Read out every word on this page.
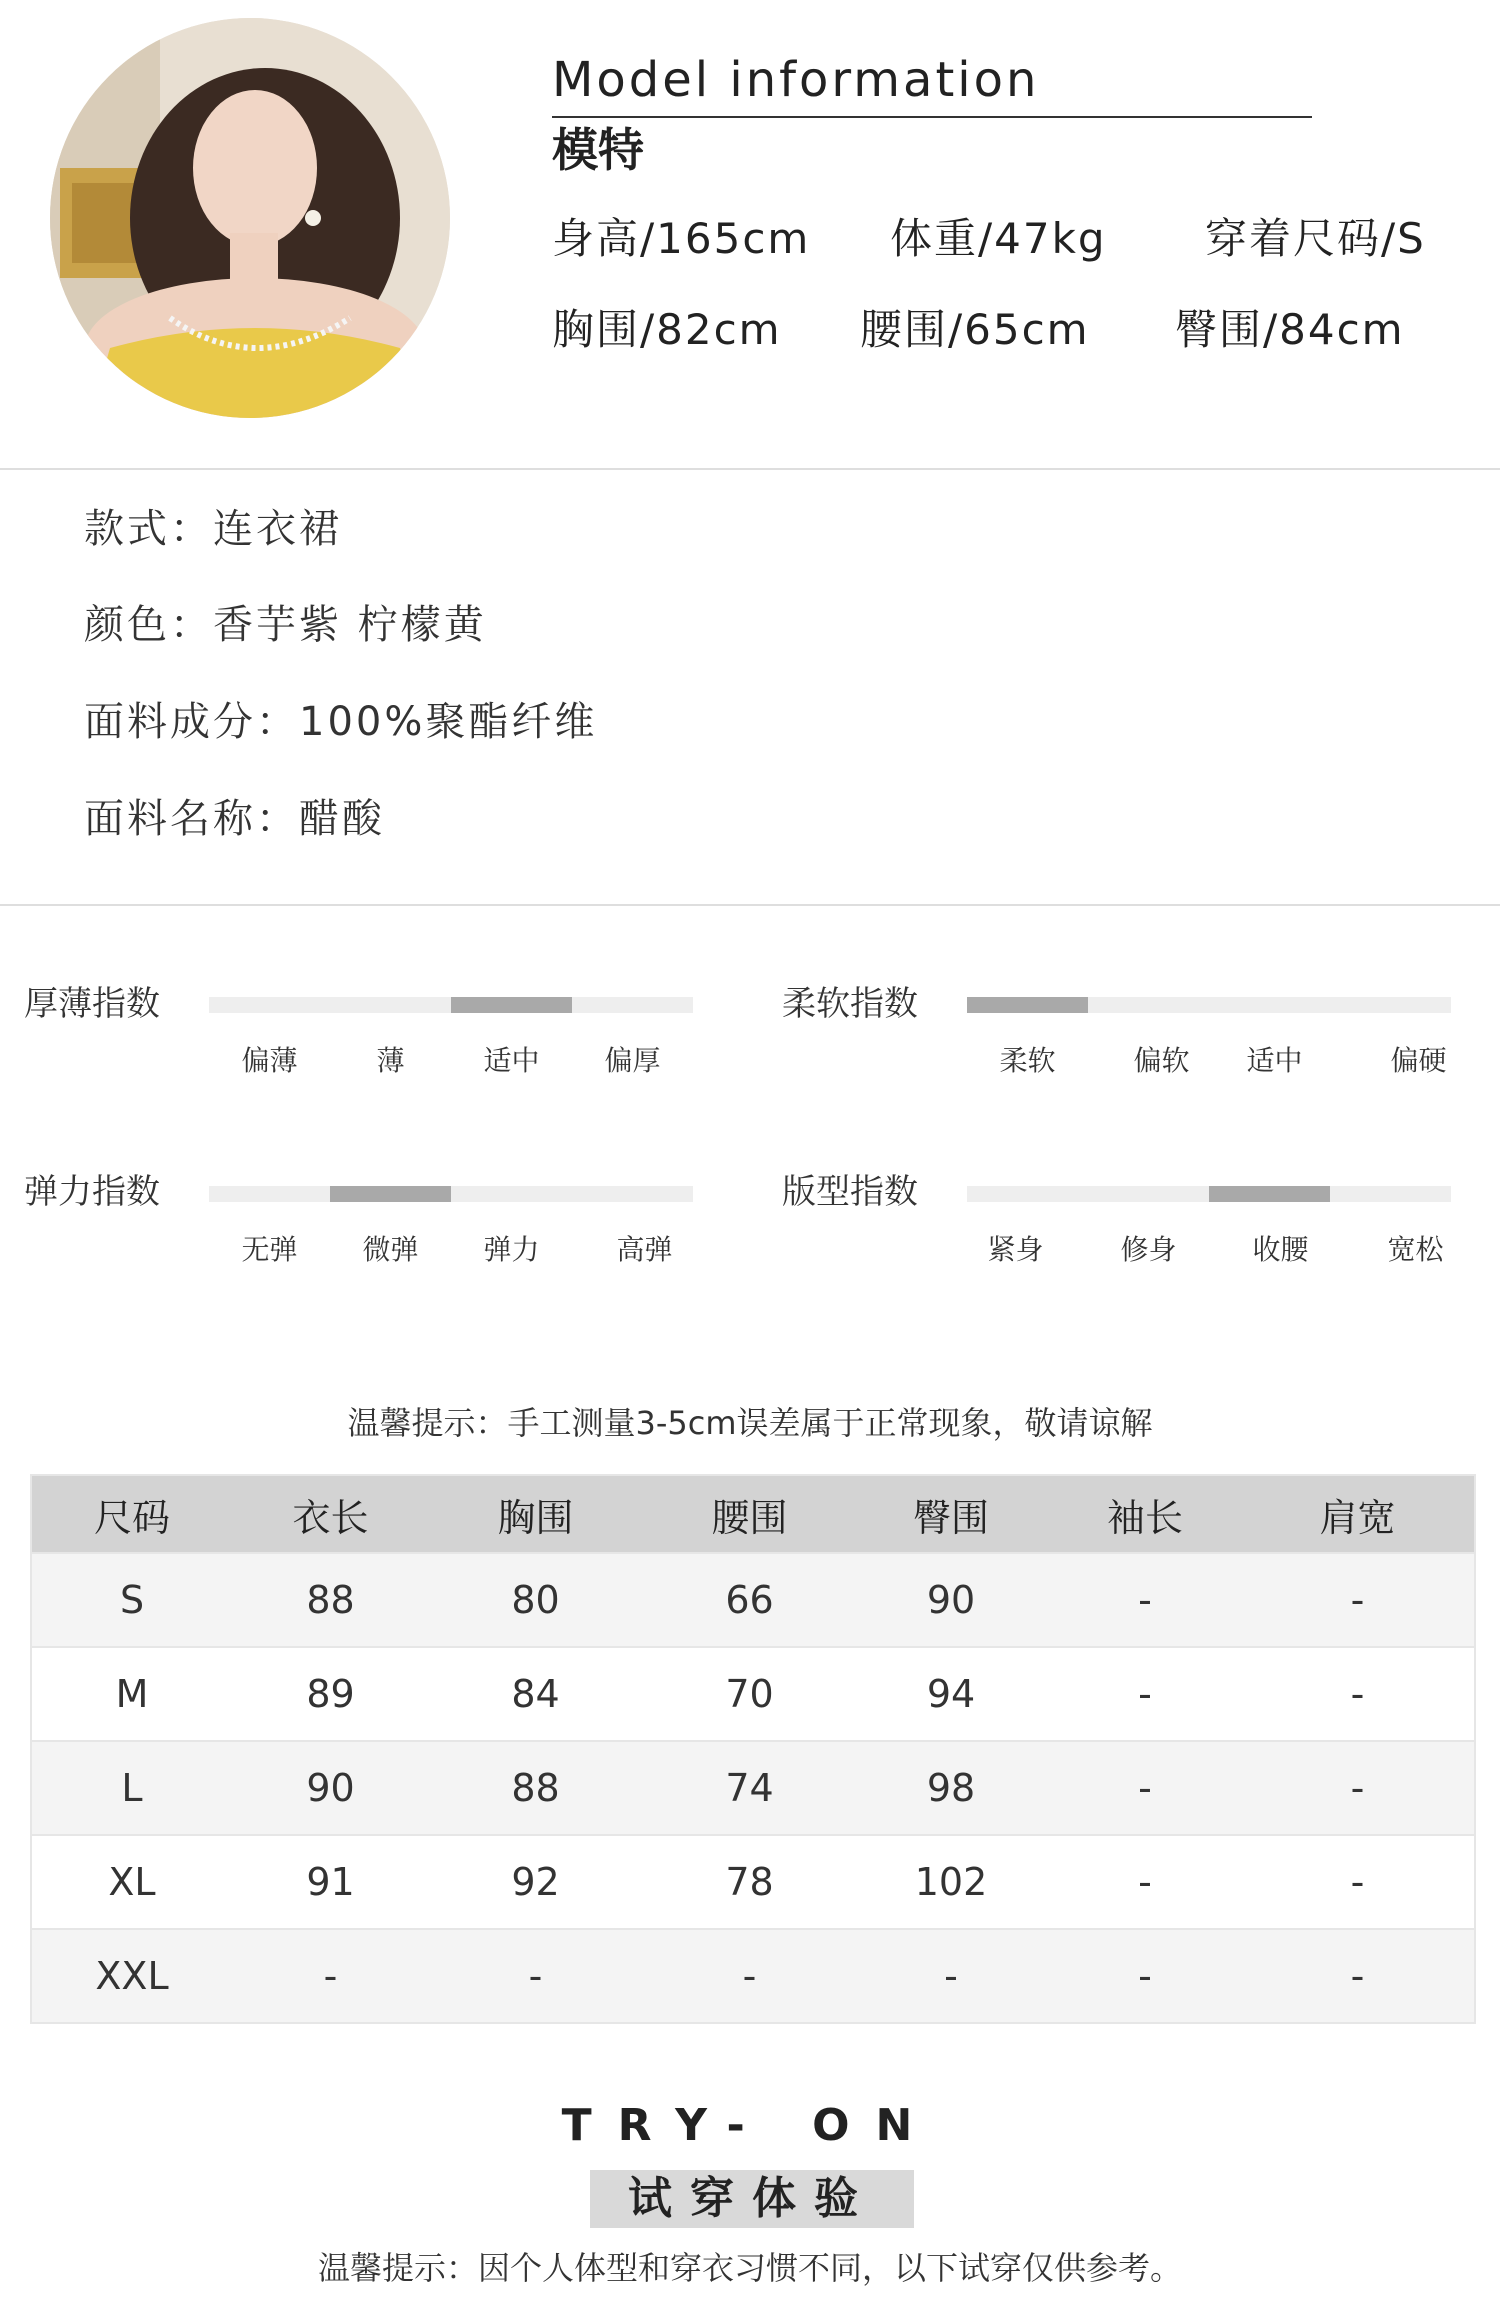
Model information
模特
身高/165cm 体重/47kg 穿着尺码/S
胸围/82cm 腰围/65cm 臀围/84cm
款式：连衣裙
颜色：香芋紫 柠檬黄
面料成分：100%聚酯纤维
面料名称：醋酸
厚薄指数
偏薄	薄	适中	偏厚
柔软指数
柔软	偏软	适中	偏硬
弹力指数
无弹	微弹	弹力	高弹
版型指数
紧身	修身	收腰	宽松
温馨提示：手工测量3-5cm误差属于正常现象，敬请谅解
尺码	衣长	胸围	腰围	臀围	袖长	肩宽
S	88	80	66	90	-	-
M	89	84	70	94	-	-
L	90	88	74	98	-	-
XL	91	92	78	102	-	-
XXL	-	-	-	-	-	-
TRY- ON
试穿体验
温馨提示：因个人体型和穿衣习惯不同，以下试穿仅供参考。
